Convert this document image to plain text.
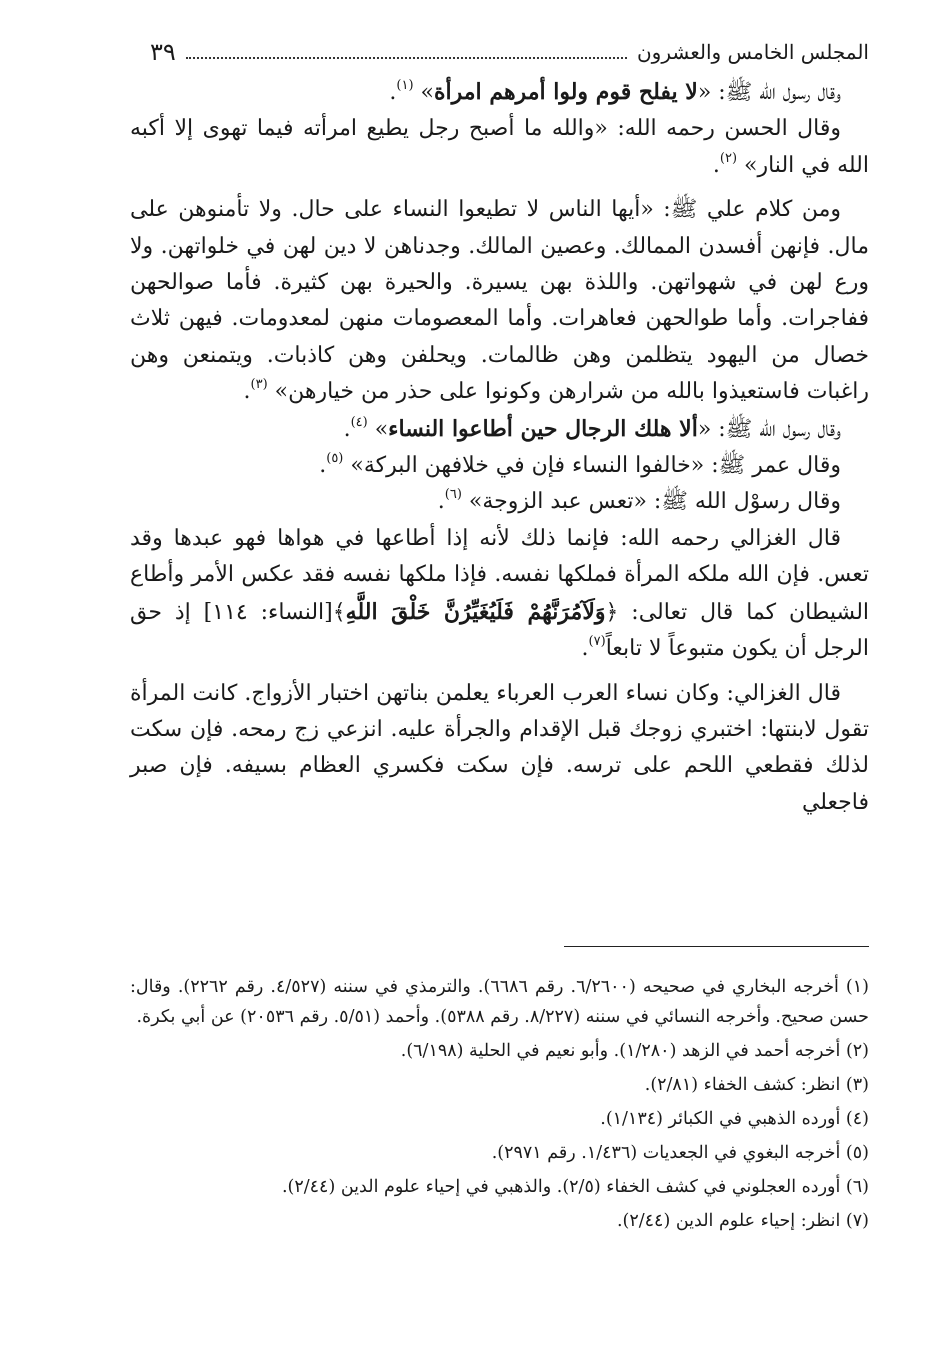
المجلس الخامس والعشرون
٣٩

وقال رسول الله ﷺ: «لا يفلح قوم ولوا أمرهم امرأة» $^{(١)}$.

وقال الحسن رحمه الله: «والله ما أصبح رجل يطيع امرأته فيما تهوى إلا أكبه الله في النار» $^{(٢)}$.

ومن كلام علي ﷺ: «أيها الناس لا تطيعوا النساء على حال. ولا تأمنوهن على مال. فإنهن أفسدن الممالك. وعصين المالك. وجدناهن لا دين لهن في خلواتهن. ولا ورع لهن في شهواتهن. واللذة بهن يسيرة. والحيرة بهن كثيرة. فأما صوالحهن ففاجرات. وأما طوالحهن فعاهرات. وأما المعصومات منهن لمعدومات. فيهن ثلاث خصال من اليهود يتظلمن وهن ظالمات. ويحلفن وهن كاذبات. ويتمنعن وهن راغبات فاستعيذوا بالله من شرارهن وكونوا على حذر من خيارهن» $^{(٣)}$.

وقال رسول الله ﷺ: «ألا هلك الرجال حين أطاعوا النساء» $^{(٤)}$.

وقال عمر ﷺ: «خالفوا النساء فإن في خلافهن البركة» $^{(٥)}$.

وقال رسوْل الله ﷺ: «تعس عبد الزوجة» $^{(٦)}$.

قال الغزالي رحمه الله: فإنما ذلك لأنه إذا أطاعها في هواها فهو عبدها وقد تعس. فإن الله ملكه المرأة فملكها نفسه. فإذا ملكها نفسه فقد عكس الأمر وأطاع الشيطان كما قال تعالى: ﴿وَلَآمُرَنَّهُمْ فَلَيُغَيِّرُنَّ خَلْقَ اللَّهِ﴾[النساء: ١١٤] إذ حق الرجل أن يكون متبوعاً لا تابعاً$^{(٧)}$.

قال الغزالي: وكان نساء العرب العرباء يعلمن بناتهن اختبار الأزواج. كانت المرأة تقول لابنتها: اختبري زوجك قبل الإقدام والجرأة عليه. انزعي زج رمحه. فإن سكت لذلك فقطعي اللحم على ترسه. فإن سكت فكسري العظام بسيفه. فإن صبر فاجعلي

(١) أخرجه البخاري في صحيحه (٦/٢٦٠٠. رقم ٦٦٨٦). والترمذي في سننه (٤/٥٢٧. رقم ٢٢٦٢). وقال: حسن صحيح. وأخرجه النسائي في سننه (٨/٢٢٧. رقم ٥٣٨٨). وأحمد (٥/٥١. رقم ٢٠٥٣٦) عن أبي بكرة.

(٢) أخرجه أحمد في الزهد (١/٢٨٠). وأبو نعيم في الحلية (٦/١٩٨).

(٣) انظر: كشف الخفاء (٢/٨١).

(٤) أورده الذهبي في الكبائر (١/١٣٤).

(٥) أخرجه البغوي في الجعديات (١/٤٣٦. رقم ٢٩٧١).

(٦) أورده العجلوني في كشف الخفاء (٢/٥). والذهبي في إحياء علوم الدين (٢/٤٤).

(٧) انظر: إحياء علوم الدين (٢/٤٤).
